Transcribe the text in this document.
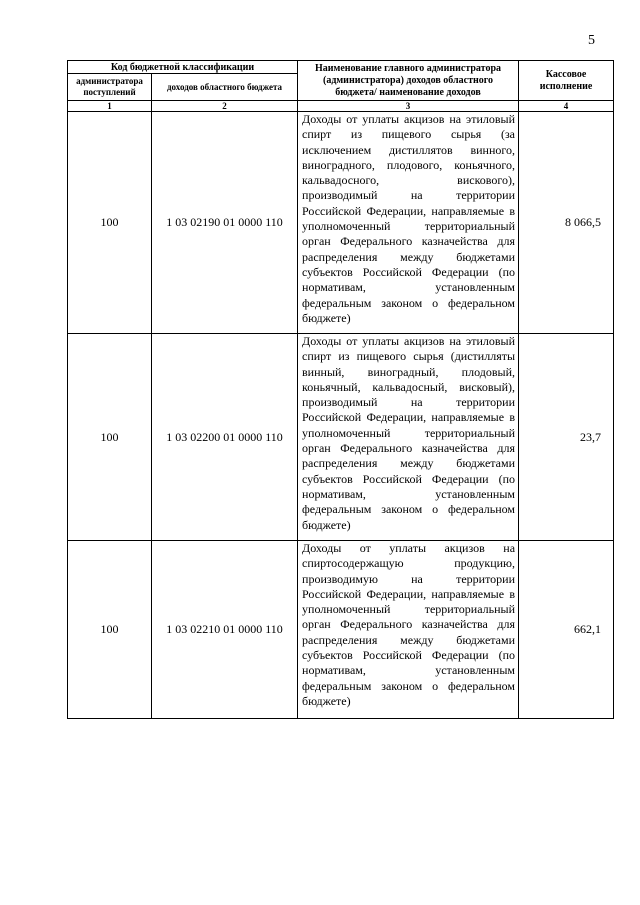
5
Код бюджетной классификации		Наименование главного администратора (администратора) доходов областного бюджета/ наименование доходов	Кассовое исполнение
администратора поступлений	доходов областного бюджета		
1	2	3	4
100	1 03 02190 01 0000 110	Доходы от уплаты акцизов на этиловый спирт из пищевого сырья (за исключением дистиллятов винного, виноградного, плодового, коньячного, кальвадосного, вискового), производимый на территории Российской Федерации, направляемые в уполномоченный территориальный орган Федерального казначейства для распределения между бюджетами субъектов Российской Федерации (по нормативам, установленным федеральным законом о федеральном бюджете)	8 066,5
100	1 03 02200 01 0000 110	Доходы от уплаты акцизов на этиловый спирт из пищевого сырья (дистилляты винный, виноградный, плодовый, коньячный, кальвадосный, висковый), производимый на территории Российской Федерации, направляемые в уполномоченный территориальный орган Федерального казначейства для распределения между бюджетами субъектов Российской Федерации (по нормативам, установленным федеральным законом о федеральном бюджете)	23,7
100	1 03 02210 01 0000 110	Доходы от уплаты акцизов на спиртосодержащую продукцию, производимую на территории Российской Федерации, направляемые в уполномоченный территориальный орган Федерального казначейства для распределения между бюджетами субъектов Российской Федерации (по нормативам, установленным федеральным законом о федеральном бюджете)	662,1
